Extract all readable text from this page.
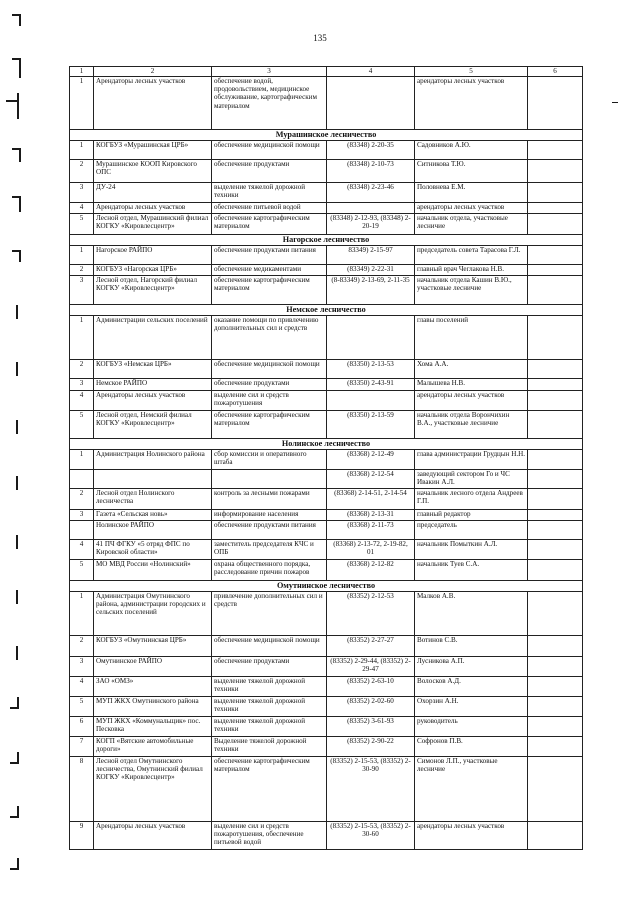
135
1	2	3	4	5	6
1	Арендаторы лесных участков	обеспечение водой, продовольствием, медицинское обслуживание, картографическим материалом		арендаторы лесных участков	
Мурашинское лесничество					
1	КОГБУЗ «Мурашинская ЦРБ»	обеспечение медицинской помощи	(83348) 2-20-35	Садовников А.Ю.	
2	Мурашинское КООП Кировского ОПС	обеспечение продуктами	(83348) 2-10-73	Ситникова Т.Ю.	
3	ДУ-24	выделение тяжелой дорожной техники	(83348) 2-23-46	Половнева Е.М.	
4	Арендаторы лесных участков	обеспечение питьевой водой		арендаторы лесных участков	
5	Лесной отдел, Мурашинский филиал КОГКУ «Кировлесцентр»	обеспечение картографическим материалом	(83348) 2-12-93, (83348) 2-20-19	начальник отдела, участковые лесничие	
Нагорское лесничество					
1	Нагорское РАЙПО	обеспечение продуктами питания	83349) 2-15-97	председатель совета Тарасова Г.Л.	
2	КОГБУЗ «Нагорская ЦРБ»	обеспечение медикаментами	(83349) 2-22-31	главный врач Чеглакова Н.В.	
3	Лесной отдел, Нагорский филиал КОГКУ «Кировлесцентр»	обеспечение картографическим материалом	(8-83349) 2-13-69, 2-11-35	начальник отдела Кашин В.Ю., участковые лесничие	
Немское лесничество					
1	Администрации сельских поселений	оказание помощи по привлечению дополнительных сил и средств		главы поселений	
2	КОГБУЗ «Немская ЦРБ»	обеспечение медицинской помощи	(83350) 2-13-53	Хома А.А.	
3	Немское РАЙПО	обеспечение продуктами	(83350) 2-43-91	Малышева Н.В.	
4	Арендаторы лесных участков	выделение сил и средств пожаротушения		арендаторы лесных участков	
5	Лесной отдел, Немский филиал КОГКУ «Кировлесцентр»	обеспечение картографическим материалом	(83350) 2-13-59	начальник отдела Ворончихин В.А., участковые лесничие	
Нолинское лесничество					
1	Администрация Нолинского района	сбор комиссии и оперативного штаба	(83368) 2-12-49	глава администрации Грудцын Н.Н.	
			(83368) 2-12-54	заведующий сектором Го и ЧС Ивакин А.Л.	
2	Лесной отдел Нолинского лесничества	контроль за лесными пожарами	(83368) 2-14-51, 2-14-54	начальник лесного отдела Андреев Г.П.	
3	Газета «Сельская новь»	информирование населения	(83368) 2-13-31	главный редактор	
	Нолинское РАЙПО	обеспечение продуктами питания	(83368) 2-11-73	председатель	
4	41 ПЧ ФГКУ «5 отряд ФПС по Кировской области»	заместитель председателя КЧС и ОПБ	(83368) 2-13-72, 2-19-82, 01	начальник Помыткин А.Л.	
5	МО МВД России «Нолинский»	охрана общественного порядка, расследование причин пожаров	(83368) 2-12-82	начальник Туев С.А.	
Омутнинское лесничество					
1	Администрация Омутнинского района, администрации городских и сельских поселений	привлечение дополнительных сил и средств	(83352) 2-12-53	Малков А.В.	
2	КОГБУЗ «Омутнинская ЦРБ»	обеспечение медицинской помощи	(83352) 2-27-27	Вотинов С.В.	
3	Омутнинское РАЙПО	обеспечение продуктами	(83352) 2-29-44, (83352) 2-29-47	Лусникова А.П.	
4	ЗАО «ОМЗ»	выделение тяжелой дорожной техники	(83352) 2-63-10	Волосков А.Д.	
5	МУП ЖКХ Омутнинского района	выделение тяжелой дорожной техники	(83352) 2-02-60	Охорзин А.Н.	
6	МУП ЖКХ «Коммунальщик» пос. Песковка	выделение тяжелой дорожной техники	(83352) 3-61-93	руководитель	
7	КОГП «Вятские автомобильные дороги»	Выделение тяжелой дорожной техники	(83352) 2-90-22	Софронов П.В.	
8	Лесной отдел Омутнинского лесничества, Омутнинский филиал КОГКУ «Кировлесцентр»	обеспечение картографическим материалом	(83352) 2-15-53, (83352) 2-30-90	Симонов Л.П., участковые лесничие	
9	Арендаторы лесных участков	выделение сил и средств пожаротушения, обеспечение питьевой водой	(83352) 2-15-53, (83352) 2-30-60	арендаторы лесных участков	
